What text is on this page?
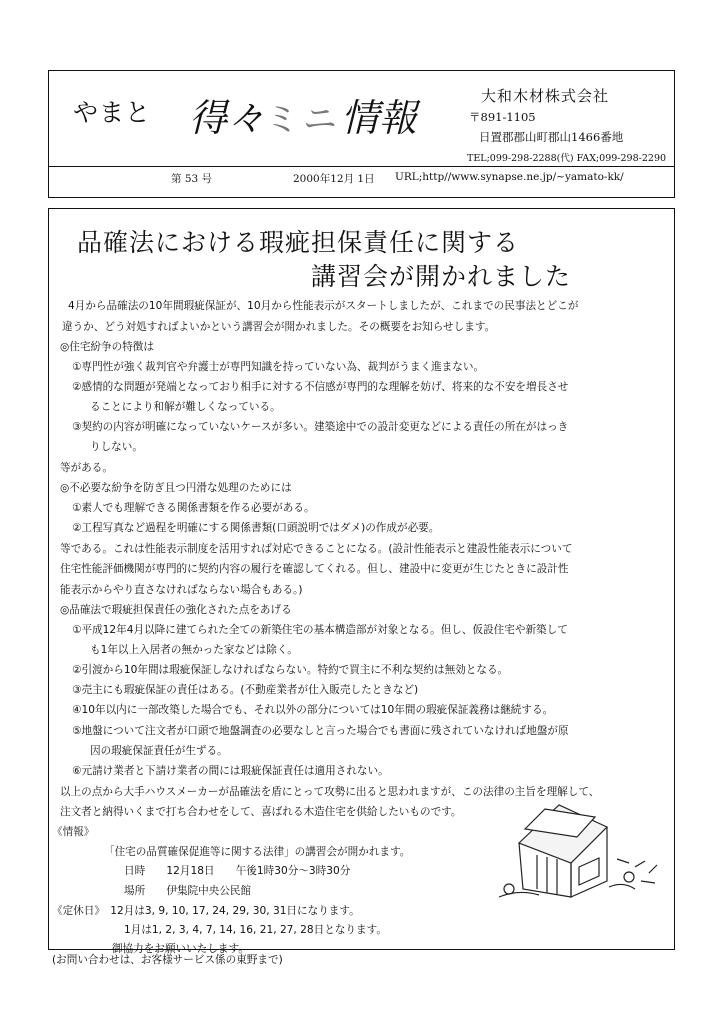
やまと 得々ミニ情報	大和木材株式会社
〒891-1105
日置郡郡山町郡山1466番地
TEL;099-298-2288(代) FAX;099-298-2290
第 53 号	2000年12月 1日 URL;http//www.synapse.ne.jp/~yamato-kk/
品確法における瑕疵担保責任に関する
講習会が開かれました
4月から品確法の10年間瑕疵保証が、10月から性能表示がスタートしましたが、これまでの民事法とどこが
違うか、どう対処すればよいかという講習会が開かれました。その概要をお知らせします。
◎住宅紛争の特徴は
①専門性が強く裁判官や弁護士が専門知識を持っていない為、裁判がうまく進まない。
②感情的な問題が発端となっており相手に対する不信感が専門的な理解を妨げ、将来的な不安を増長させ
ることにより和解が難しくなっている。
③契約の内容が明確になっていないケースが多い。建築途中での設計変更などによる責任の所在がはっき
りしない。
等がある。
◎不必要な紛争を防ぎ且つ円滑な処理のためには
①素人でも理解できる関係書類を作る必要がある。
②工程写真など過程を明確にする関係書類(口頭説明ではダメ)の作成が必要。
等である。これは性能表示制度を活用すれば対応できることになる。(設計性能表示と建設性能表示について
住宅性能評価機関が専門的に契約内容の履行を確認してくれる。但し、建設中に変更が生じたときに設計性
能表示からやり直さなければならない場合もある。)
◎品確法で瑕疵担保責任の強化された点をあげる
①平成12年4月以降に建てられた全ての新築住宅の基本構造部が対象となる。但し、仮設住宅や新築して
も1年以上入居者の無かった家などは除く。
②引渡から10年間は瑕疵保証しなければならない。特約で買主に不利な契約は無効となる。
③売主にも瑕疵保証の責任はある。(不動産業者が仕入販売したときなど)
④10年以内に一部改築した場合でも、それ以外の部分については10年間の瑕疵保証義務は継続する。
⑤地盤について注文者が口頭で地盤調査の必要なしと言った場合でも書面に残されていなければ地盤が原
因の瑕疵保証責任が生ずる。
⑥元請け業者と下請け業者の間には瑕疵保証責任は適用されない。
以上の点から大手ハウスメーカーが品確法を盾にとって攻勢に出ると思われますが、この法律の主旨を理解して、
注文者と納得いくまで打ち合わせをして、喜ばれる木造住宅を供給したいものです。
《情報》
「住宅の品質確保促進等に関する法律」の講習会が開かれます。
日時　　12月18日　　午後1時30分～3時30分
場所　　伊集院中央公民館
《定休日》　12月は3, 9, 10, 17, 24, 29, 30, 31日になります。
1月は1, 2, 3, 4, 7, 14, 16, 21, 27, 28日となります。
御協力をお願いいたします。
(お問い合わせは、お客様サービス係の東野まで)
